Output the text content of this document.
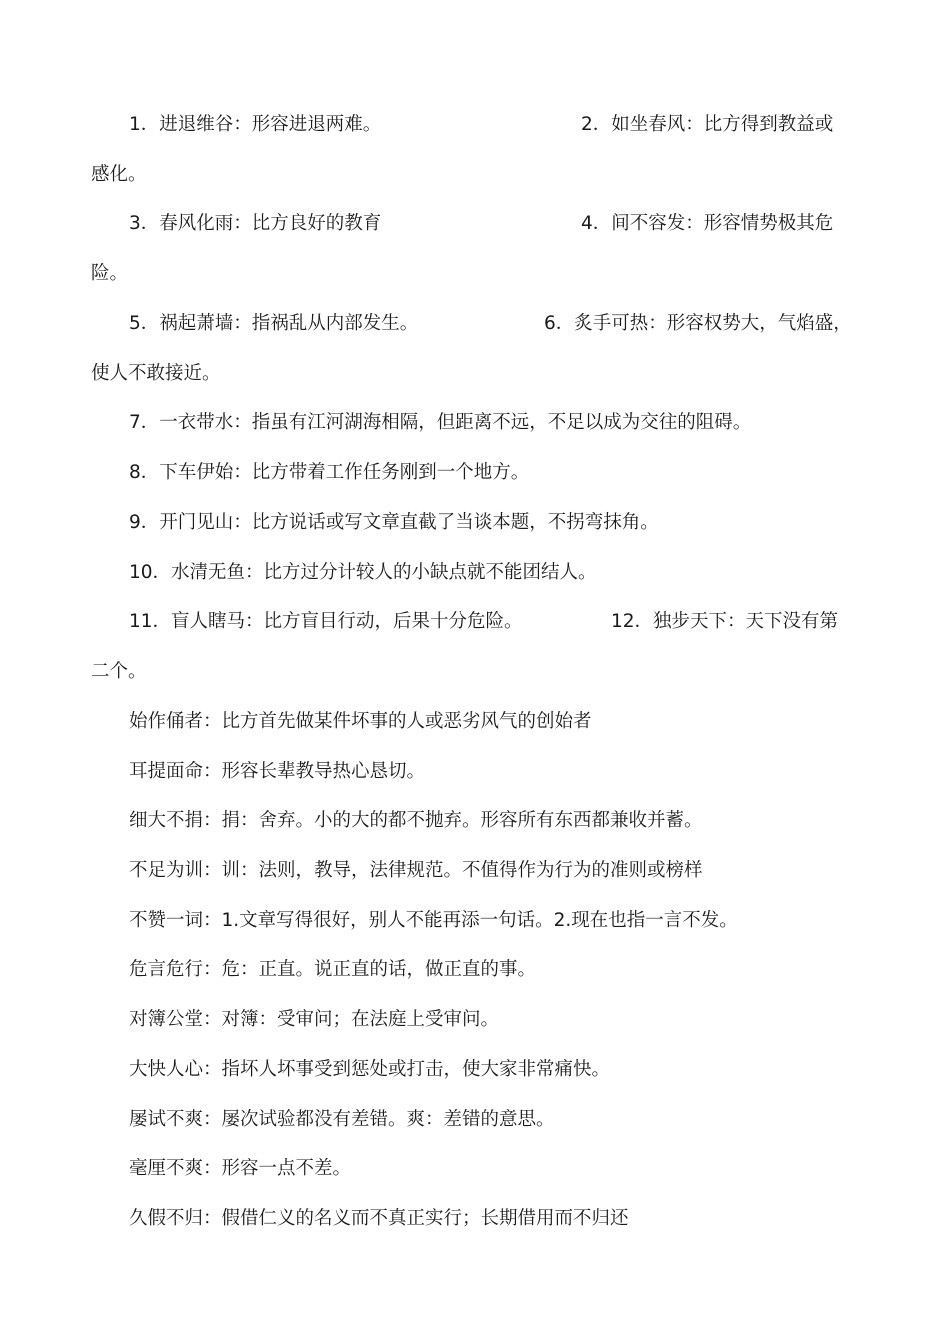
1．进退维谷：形容进退两难。	2．如坐春风：比方得到教益或
感化。
3．春风化雨：比方良好的教育	4．间不容发：形容情势极其危
险。
5．祸起萧墙：指祸乱从内部发生。	6．炙手可热：形容权势大，气焰盛，
使人不敢接近。
7．一衣带水：指虽有江河湖海相隔，但距离不远，不足以成为交往的阻碍。
8．下车伊始：比方带着工作任务刚到一个地方。
9．开门见山：比方说话或写文章直截了当谈本题，不拐弯抹角。
10．水清无鱼：比方过分计较人的小缺点就不能团结人。
11．盲人瞎马：比方盲目行动，后果十分危险。	12．独步天下：天下没有第
二个。
始作俑者：比方首先做某件坏事的人或恶劣风气的创始者
耳提面命：形容长辈教导热心恳切。
细大不捐：捐：舍弃。小的大的都不抛弃。形容所有东西都兼收并蓄。
不足为训：训：法则，教导，法律规范。不值得作为行为的准则或榜样
不赞一词：1.文章写得很好，别人不能再添一句话。2.现在也指一言不发。
危言危行：危：正直。说正直的话，做正直的事。
对簿公堂：对簿：受审问；在法庭上受审问。
大快人心：指坏人坏事受到惩处或打击，使大家非常痛快。
屡试不爽：屡次试验都没有差错。爽：差错的意思。
毫厘不爽：形容一点不差。
久假不归：假借仁义的名义而不真正实行；长期借用而不归还
